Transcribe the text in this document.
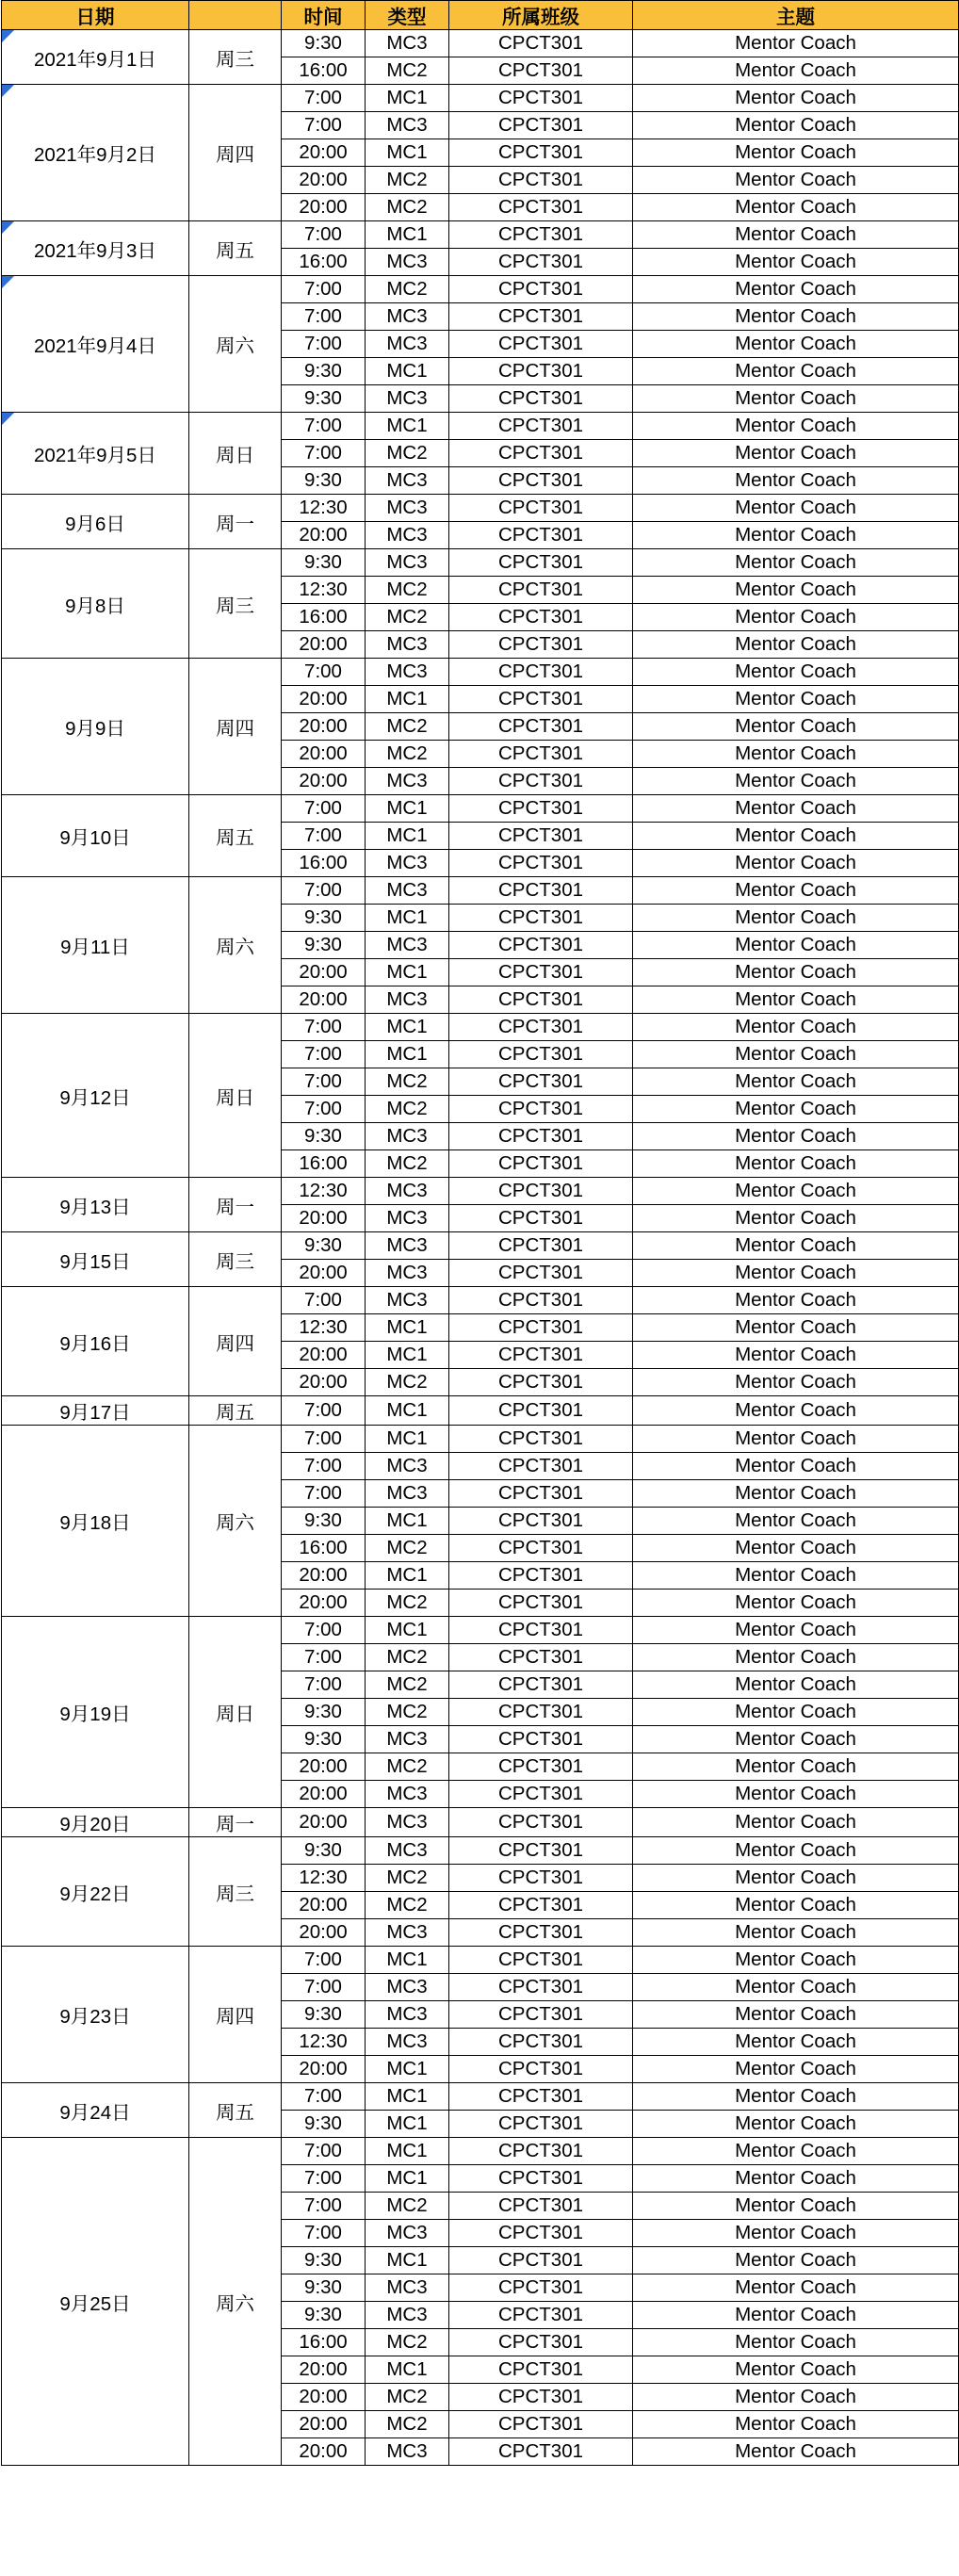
日期		时间	类型	所属班级	主题
2021年9月1日	周三	9:30	MC3	CPCT301	Mentor Coach
		16:00	MC2	CPCT301	Mentor Coach
2021年9月2日	周四	7:00	MC1	CPCT301	Mentor Coach
		7:00	MC3	CPCT301	Mentor Coach
		20:00	MC1	CPCT301	Mentor Coach
		20:00	MC2	CPCT301	Mentor Coach
		20:00	MC2	CPCT301	Mentor Coach
2021年9月3日	周五	7:00	MC1	CPCT301	Mentor Coach
		16:00	MC3	CPCT301	Mentor Coach
2021年9月4日	周六	7:00	MC2	CPCT301	Mentor Coach
		7:00	MC3	CPCT301	Mentor Coach
		7:00	MC3	CPCT301	Mentor Coach
		9:30	MC1	CPCT301	Mentor Coach
		9:30	MC3	CPCT301	Mentor Coach
2021年9月5日	周日	7:00	MC1	CPCT301	Mentor Coach
		7:00	MC2	CPCT301	Mentor Coach
		9:30	MC3	CPCT301	Mentor Coach
9月6日	周一	12:30	MC3	CPCT301	Mentor Coach
		20:00	MC3	CPCT301	Mentor Coach
9月8日	周三	9:30	MC3	CPCT301	Mentor Coach
		12:30	MC2	CPCT301	Mentor Coach
		16:00	MC2	CPCT301	Mentor Coach
		20:00	MC3	CPCT301	Mentor Coach
9月9日	周四	7:00	MC3	CPCT301	Mentor Coach
		20:00	MC1	CPCT301	Mentor Coach
		20:00	MC2	CPCT301	Mentor Coach
		20:00	MC2	CPCT301	Mentor Coach
		20:00	MC3	CPCT301	Mentor Coach
9月10日	周五	7:00	MC1	CPCT301	Mentor Coach
		7:00	MC1	CPCT301	Mentor Coach
		16:00	MC3	CPCT301	Mentor Coach
9月11日	周六	7:00	MC3	CPCT301	Mentor Coach
		9:30	MC1	CPCT301	Mentor Coach
		9:30	MC3	CPCT301	Mentor Coach
		20:00	MC1	CPCT301	Mentor Coach
		20:00	MC3	CPCT301	Mentor Coach
9月12日	周日	7:00	MC1	CPCT301	Mentor Coach
		7:00	MC1	CPCT301	Mentor Coach
		7:00	MC2	CPCT301	Mentor Coach
		7:00	MC2	CPCT301	Mentor Coach
		9:30	MC3	CPCT301	Mentor Coach
		16:00	MC2	CPCT301	Mentor Coach
9月13日	周一	12:30	MC3	CPCT301	Mentor Coach
		20:00	MC3	CPCT301	Mentor Coach
9月15日	周三	9:30	MC3	CPCT301	Mentor Coach
		20:00	MC3	CPCT301	Mentor Coach
9月16日	周四	7:00	MC3	CPCT301	Mentor Coach
		12:30	MC1	CPCT301	Mentor Coach
		20:00	MC1	CPCT301	Mentor Coach
		20:00	MC2	CPCT301	Mentor Coach
9月17日	周五	7:00	MC1	CPCT301	Mentor Coach
9月18日	周六	7:00	MC1	CPCT301	Mentor Coach
		7:00	MC3	CPCT301	Mentor Coach
		7:00	MC3	CPCT301	Mentor Coach
		9:30	MC1	CPCT301	Mentor Coach
		16:00	MC2	CPCT301	Mentor Coach
		20:00	MC1	CPCT301	Mentor Coach
		20:00	MC2	CPCT301	Mentor Coach
9月19日	周日	7:00	MC1	CPCT301	Mentor Coach
		7:00	MC2	CPCT301	Mentor Coach
		7:00	MC2	CPCT301	Mentor Coach
		9:30	MC2	CPCT301	Mentor Coach
		9:30	MC3	CPCT301	Mentor Coach
		20:00	MC2	CPCT301	Mentor Coach
		20:00	MC3	CPCT301	Mentor Coach
9月20日	周一	20:00	MC3	CPCT301	Mentor Coach
9月22日	周三	9:30	MC3	CPCT301	Mentor Coach
		12:30	MC2	CPCT301	Mentor Coach
		20:00	MC2	CPCT301	Mentor Coach
		20:00	MC3	CPCT301	Mentor Coach
9月23日	周四	7:00	MC1	CPCT301	Mentor Coach
		7:00	MC3	CPCT301	Mentor Coach
		9:30	MC3	CPCT301	Mentor Coach
		12:30	MC3	CPCT301	Mentor Coach
		20:00	MC1	CPCT301	Mentor Coach
9月24日	周五	7:00	MC1	CPCT301	Mentor Coach
		9:30	MC1	CPCT301	Mentor Coach
9月25日	周六	7:00	MC1	CPCT301	Mentor Coach
		7:00	MC1	CPCT301	Mentor Coach
		7:00	MC2	CPCT301	Mentor Coach
		7:00	MC3	CPCT301	Mentor Coach
		9:30	MC1	CPCT301	Mentor Coach
		9:30	MC3	CPCT301	Mentor Coach
		9:30	MC3	CPCT301	Mentor Coach
		16:00	MC2	CPCT301	Mentor Coach
		20:00	MC1	CPCT301	Mentor Coach
		20:00	MC2	CPCT301	Mentor Coach
		20:00	MC2	CPCT301	Mentor Coach
		20:00	MC3	CPCT301	Mentor Coach
